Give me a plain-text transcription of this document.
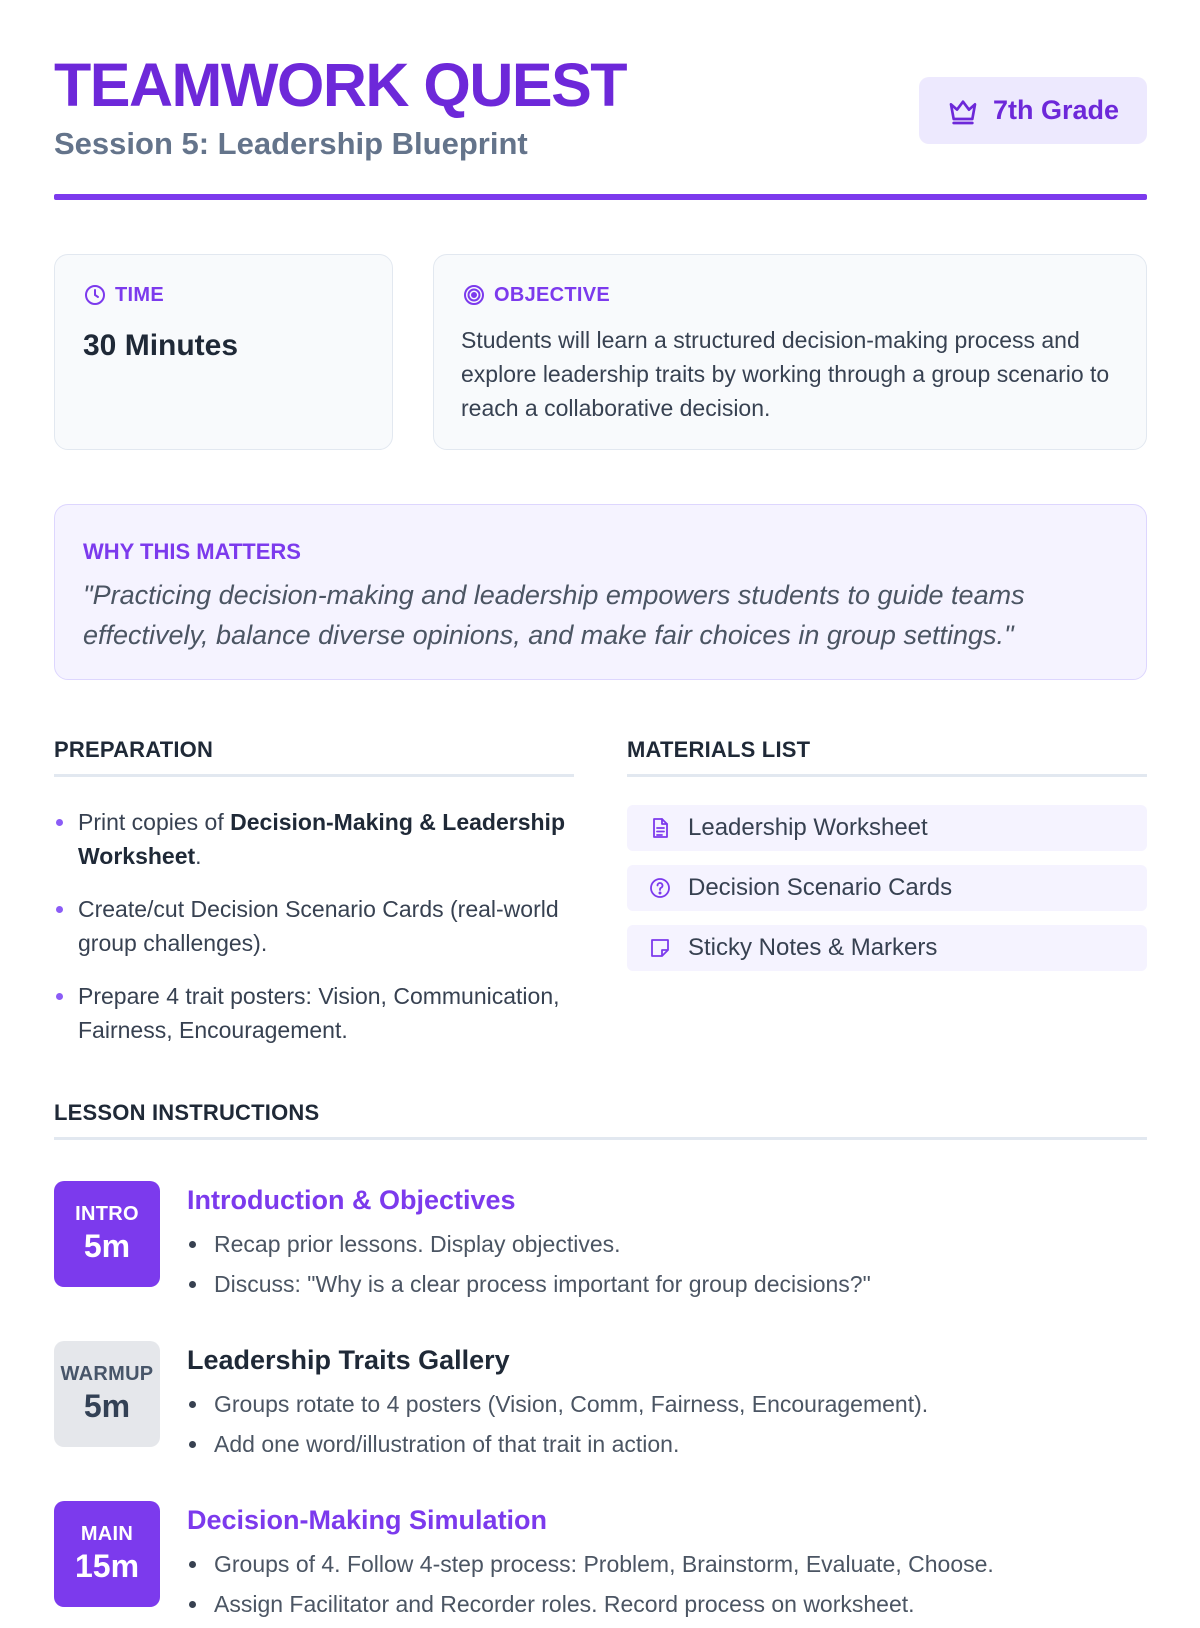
TEAMWORK QUEST
Session 5: Leadership Blueprint
7th Grade
TIME
30 Minutes
OBJECTIVE
Students will learn a structured decision-making process and explore leadership traits by working through a group scenario to reach a collaborative decision.
WHY THIS MATTERS
"Practicing decision-making and leadership empowers students to guide teams effectively, balance diverse opinions, and make fair choices in group settings."
PREPARATION
Print copies of Decision-Making & Leadership Worksheet.
Create/cut Decision Scenario Cards (real-world group challenges).
Prepare 4 trait posters: Vision, Communication, Fairness, Encouragement.
MATERIALS LIST
Leadership Worksheet
Decision Scenario Cards
Sticky Notes & Markers
LESSON INSTRUCTIONS
INTRO
5m
Introduction & Objectives
Recap prior lessons. Display objectives.
Discuss: "Why is a clear process important for group decisions?"
WARMUP
5m
Leadership Traits Gallery
Groups rotate to 4 posters (Vision, Comm, Fairness, Encouragement).
Add one word/illustration of that trait in action.
MAIN
15m
Decision-Making Simulation
Groups of 4. Follow 4-step process: Problem, Brainstorm, Evaluate, Choose.
Assign Facilitator and Recorder roles. Record process on worksheet.
